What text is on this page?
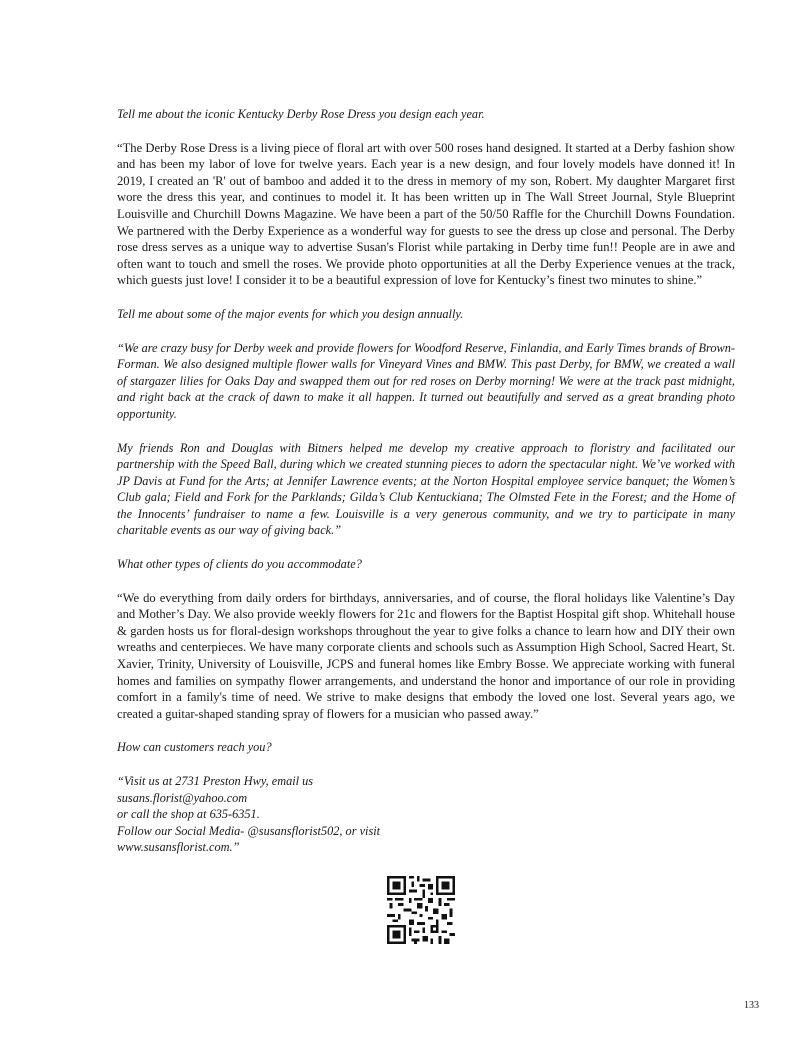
Tell me about the iconic Kentucky Derby Rose Dress you design each year.

“The Derby Rose Dress is a living piece of floral art with over 500 roses hand designed. It started at a Derby fashion show and has been my labor of love for twelve years. Each year is a new design, and four lovely models have donned it! In 2019, I created an 'R' out of bamboo and added it to the dress in memory of my son, Robert. My daughter Margaret first wore the dress this year, and continues to model it. It has been written up in The Wall Street Journal, Style Blueprint Louisville and Churchill Downs Magazine. We have been a part of the 50/50 Raffle for the Churchill Downs Foundation. We partnered with the Derby Experience as a wonderful way for guests to see the dress up close and personal. The Derby rose dress serves as a unique way to advertise Susan's Florist while partaking in Derby time fun!! People are in awe and often want to touch and smell the roses. We provide photo opportunities at all the Derby Experience venues at the track, which guests just love! I consider it to be a beautiful expression of love for Kentucky’s finest two minutes to shine.”

Tell me about some of the major events for which you design annually.

“We are crazy busy for Derby week and provide flowers for Woodford Reserve, Finlandia, and Early Times brands of Brown-Forman. We also designed multiple flower walls for Vineyard Vines and BMW. This past Derby, for BMW, we created a wall of stargazer lilies for Oaks Day and swapped them out for red roses on Derby morning! We were at the track past midnight, and right back at the crack of dawn to make it all happen. It turned out beautifully and served as a great branding photo opportunity.

My friends Ron and Douglas with Bitners helped me develop my creative approach to floristry and facilitated our partnership with the Speed Ball, during which we created stunning pieces to adorn the spectacular night. We’ve worked with JP Davis at Fund for the Arts; at Jennifer Lawrence events; at the Norton Hospital employee service banquet; the Women’s Club gala; Field and Fork for the Parklands; Gilda’s Club Kentuckiana; The Olmsted Fete in the Forest; and the Home of the Innocents’ fundraiser to name a few. Louisville is a very generous community, and we try to participate in many charitable events as our way of giving back.”

What other types of clients do you accommodate?

“We do everything from daily orders for birthdays, anniversaries, and of course, the floral holidays like Valentine’s Day and Mother’s Day. We also provide weekly flowers for 21c and flowers for the Baptist Hospital gift shop. Whitehall house & garden hosts us for floral-design workshops throughout the year to give folks a chance to learn how and DIY their own wreaths and centerpieces. We have many corporate clients and schools such as Assumption High School, Sacred Heart, St. Xavier, Trinity, University of Louisville, JCPS and funeral homes like Embry Bosse. We appreciate working with funeral homes and families on sympathy flower arrangements, and understand the honor and importance of our role in providing comfort in a family's time of need. We strive to make designs that embody the loved one lost. Several years ago, we created a guitar-shaped standing spray of flowers for a musician who passed away.”

How can customers reach you?

“Visit us at 2731 Preston Hwy, email us
susans.florist@yahoo.com
or call the shop at 635-6351.
Follow our Social Media- @susansflorist502, or visit
www.susansflorist.com.”
133
